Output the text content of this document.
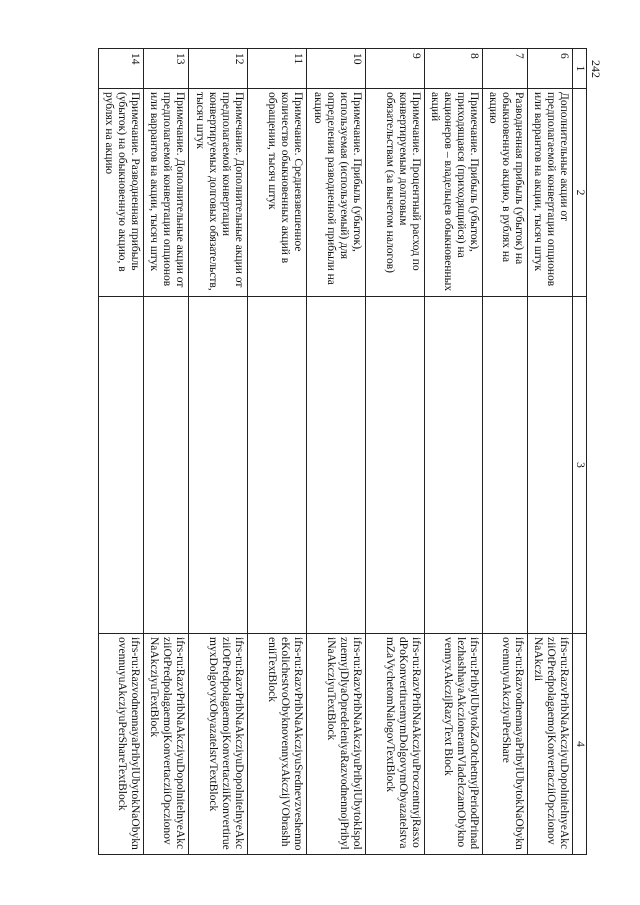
242
1	2	3	4
6	Дополнительные акции от предполагаемой конвертации опционов или варрантов на акции, тысяч штук		ifrs-ru:RazvPribNaAkcziyuDopolnitelnyeAkcziiOtPredpolagaemojKonvertacziiOpczionovNaAkczii
7	Разводненная прибыль (убыток) на обыкновенную акцию, в рублях на акцию		ifrs-ru:RazvodnennayaPribylUbytokNaObyknovennuyuAkcziyuPerShare
8	Примечание. Прибыль (убыток), приходящаяся (приходящийся) на акционеров – владельцев обыкновенных акций		ifrs-ru:PribylUbytokZaOtchetnyjPeriodPrinadlezhashhayaAkczioneramVladelczamObyknovennyxAkczijRazyText Block
9	Примечание. Процентный расход по конвертируемым долговым обязательствам (за вычетом налогов)		ifrs-ru:RazvPribNaAkcziyuProczentnyjRasxodPoKonvertiruemymDolgovymObyazatelstvamZaVychetomNalogovTextBlock
10	Примечание. Прибыль (убыток), используемая (используемый) для определения разводненной прибыли на акцию		ifrs-ru:RazvPribNaAkcziyuPribylUbytokIspolzuemyjDlyaOpredeleniyaRazvodnennojPribyliNaAkcziyuTextBlock
11	Примечание. Средневзвешенное количество обыкновенных акций в обращении, тысяч штук		ifrs-ru:RazvPribNaAkcziyuSrednevzveshennoeKolichestvoObyknovennyxAkczijVObrashheniiTextBlock
12	Примечание. Дополнительные акции от предполагаемой конвертации конвертируемых долговых обязательств, тысяч штук		ifrs-ru:RazvPribNaAkcziyuDopolnitelnyeAkcziiOtPredpolagaemojKonvertacziiKonvertiruemyxDolgovyxObyazatelstvTextBlock
13	Примечание. Дополнительные акции от предполагаемой конвертации опционов или варрантов на акции, тысяч штук		ifrs-ru:RazvPribNaAkcziyuDopolnitelnyeAkcziiOtPredpolagaemojKonvertacziiOpczionovNaAkcziyuTextBlock
14	Примечание. Разводненная прибыль (убыток) на обыкновенную акцию, в рублях на акцию		ifrs-ru:RazvodnennayaPribylUbytokNaObyknovennuyuAkcziyuPerShareTextBlock
